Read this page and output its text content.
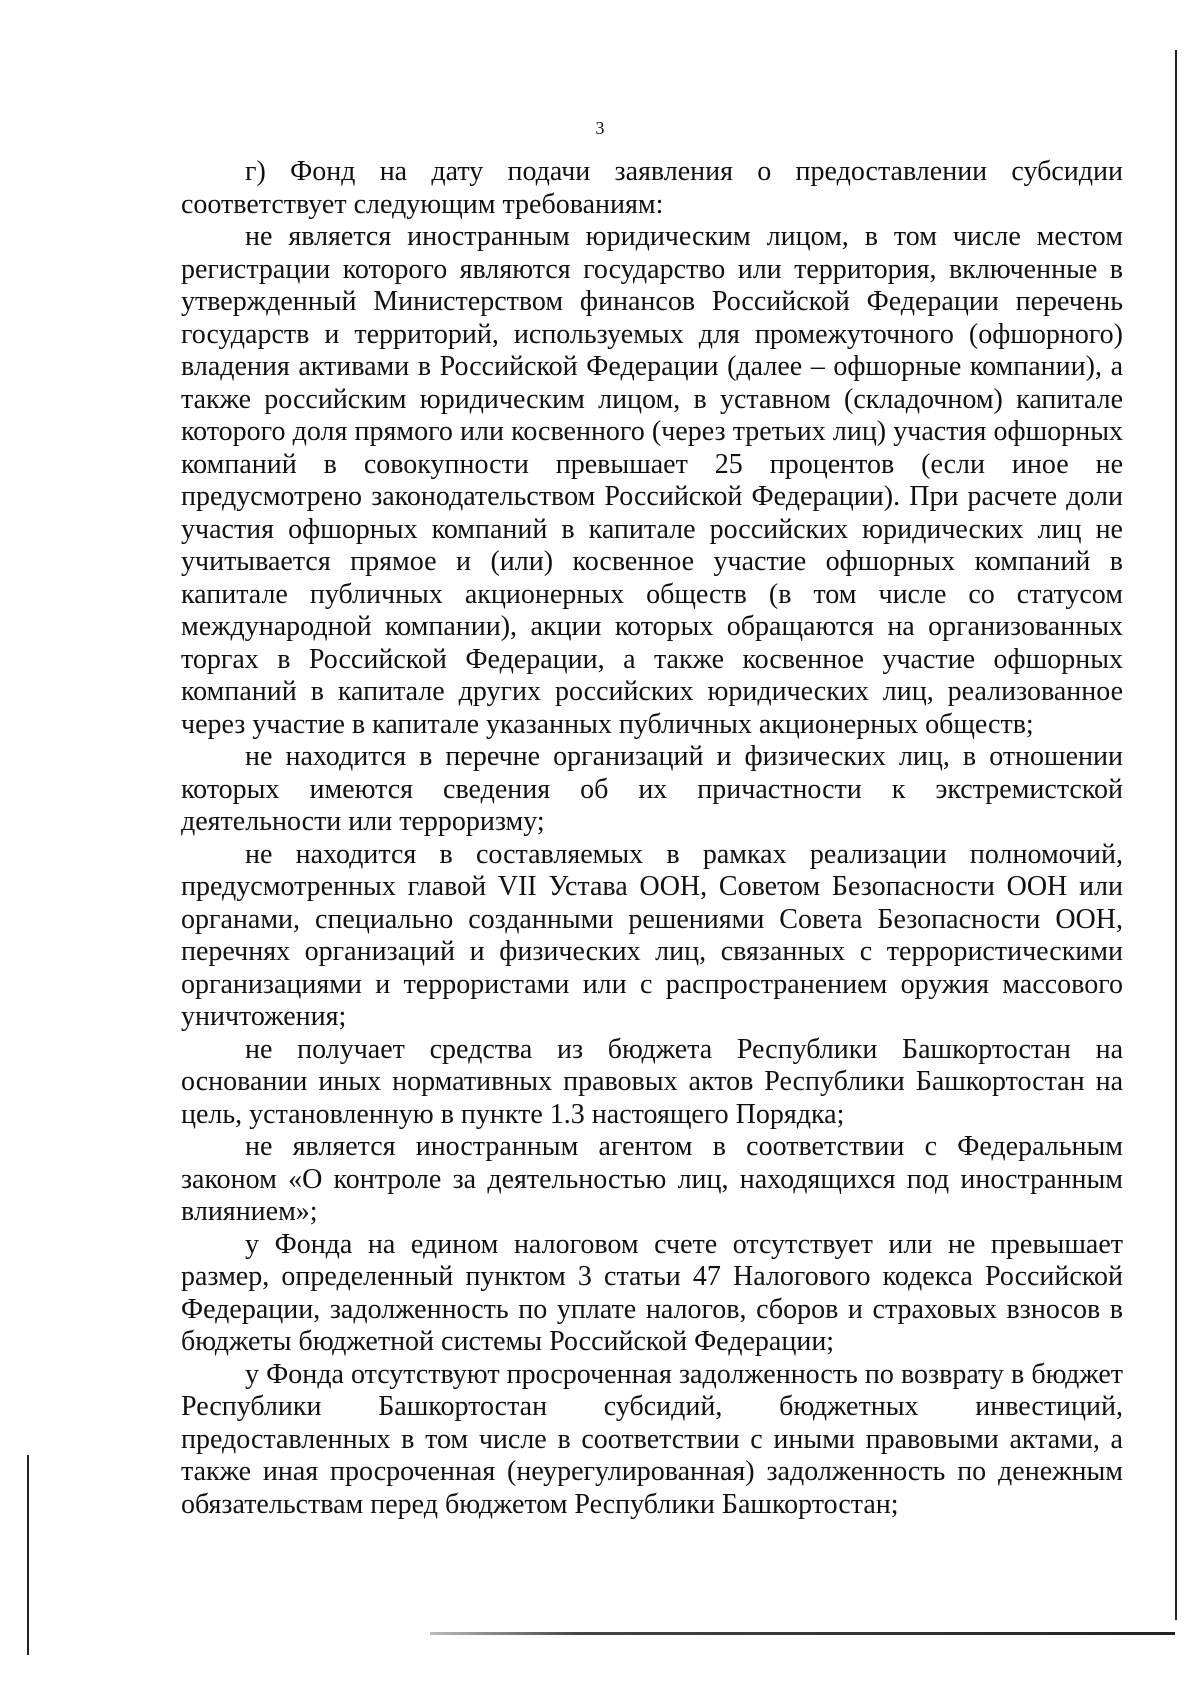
3

г) Фонд на дату подачи заявления о предоставлении субсидии соответствует следующим требованиям:

не является иностранным юридическим лицом, в том числе местом регистрации которого являются государство или территория, включенные в утвержденный Министерством финансов Российской Федерации перечень государств и территорий, используемых для промежуточного (офшорного) владения активами в Российской Федерации (далее – офшорные компании), а также российским юридическим лицом, в уставном (складочном) капитале которого доля прямого или косвенного (через третьих лиц) участия офшорных компаний в совокупности превышает 25 процентов (если иное не предусмотрено законодательством Российской Федерации). При расчете доли участия офшорных компаний в капитале российских юридических лиц не учитывается прямое и (или) косвенное участие офшорных компаний в капитале публичных акционерных обществ (в том числе со статусом международной компании), акции которых обращаются на организованных торгах в Российской Федерации, а также косвенное участие офшорных компаний в капитале других российских юридических лиц, реализованное через участие в капитале указанных публичных акционерных обществ;

не находится в перечне организаций и физических лиц, в отношении которых имеются сведения об их причастности к экстремистской деятельности или терроризму;

не находится в составляемых в рамках реализации полномочий, предусмотренных главой VII Устава ООН, Советом Безопасности ООН или органами, специально созданными решениями Совета Безопасности ООН, перечнях организаций и физических лиц, связанных с террористическими организациями и террористами или с распространением оружия массового уничтожения;

не получает средства из бюджета Республики Башкортостан на основании иных нормативных правовых актов Республики Башкортостан на цель, установленную в пункте 1.3 настоящего Порядка;

не является иностранным агентом в соответствии с Федеральным законом «О контроле за деятельностью лиц, находящихся под иностранным влиянием»;

у Фонда на едином налоговом счете отсутствует или не превышает размер, определенный пунктом 3 статьи 47 Налогового кодекса Российской Федерации, задолженность по уплате налогов, сборов и страховых взносов в бюджеты бюджетной системы Российской Федерации;

у Фонда отсутствуют просроченная задолженность по возврату в бюджет Республики Башкортостан субсидий, бюджетных инвестиций, предоставленных в том числе в соответствии с иными правовыми актами, а также иная просроченная (неурегулированная) задолженность по денежным обязательствам перед бюджетом Республики Башкортостан;
